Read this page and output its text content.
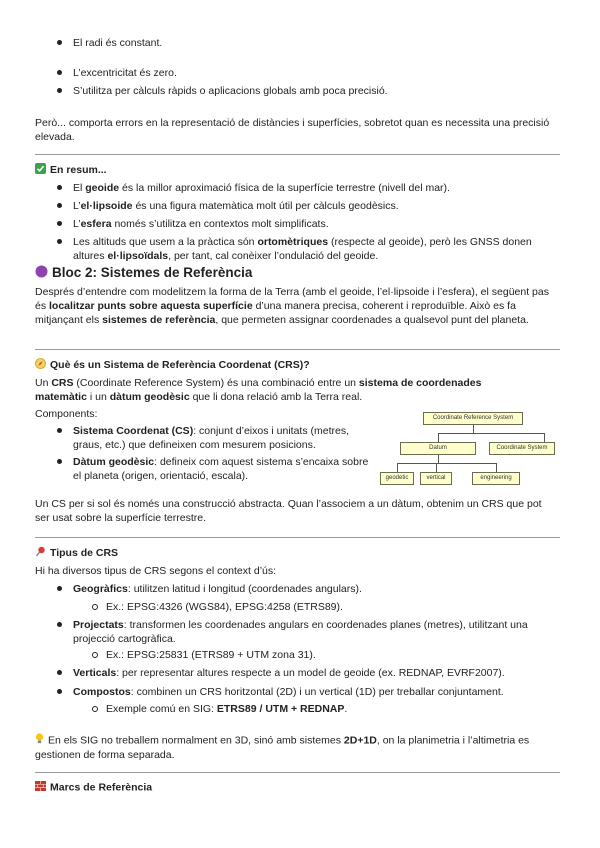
El radi és constant.
L’excentricitat és zero.
S’utilitza per càlculs ràpids o aplicacions globals amb poca precisió.

Però... comporta errors en la representació de distàncies i superfícies, sobretot quan es necessita una precisió elevada.

En resum...
El geoide és la millor aproximació física de la superfície terrestre (nivell del mar).
L’el·lipsoide és una figura matemàtica molt útil per càlculs geodèsics.
L’esfera només s’utilitza en contextos molt simplificats.
Les altituds que usem a la pràctica són ortomètriques (respecte al geoide), però les GNSS donen altures el·lipsoïdals, per tant, cal conèixer l’ondulació del geoide.
Bloc 2: Sistemes de Referència

Després d’entendre com modelitzem la forma de la Terra (amb el geoide, l’el·lipsoide i l’esfera), el següent pas és localitzar punts sobre aquesta superfície d’una manera precisa, coherent i reproduïble. Això es fa mitjançant els sistemes de referència, que permeten assignar coordenades a qualsevol punt del planeta.

Què és un Sistema de Referència Coordenat (CRS)?

Un CRS (Coordinate Reference System) és una combinació entre un sistema de coordenades matemàtic i un dàtum geodèsic que li dona relació amb la Terra real.

Components:

Sistema Coordenat (CS): conjunt d’eixos i unitats (metres, graus, etc.) que defineixen com mesurem posicions.
Dàtum geodèsic: defineix com aquest sistema s’encaixa sobre el planeta (origen, orientació, escala).
Coordinate Reference System
Datum	Coordinate System
geodetic	vertical	engineering

Un CS per si sol és només una construcció abstracta. Quan l’associem a un dàtum, obtenim un CRS que pot ser usat sobre la superfície terrestre.

Tipus de CRS

Hi ha diversos tipus de CRS segons el context d’ús:

Geogràfics: utilitzen latitud i longitud (coordenades angulars).
Ex.: EPSG:4326 (WGS84), EPSG:4258 (ETRS89).
Projectats: transformen les coordenades angulars en coordenades planes (metres), utilitzant una projecció cartogràfica.
Ex.: EPSG:25831 (ETRS89 + UTM zona 31).
Verticals: per representar altures respecte a un model de geoide (ex. REDNAP, EVRF2007).
Compostos: combinen un CRS horitzontal (2D) i un vertical (1D) per treballar conjuntament.
Exemple comú en SIG: ETRS89 / UTM + REDNAP.

En els SIG no treballem normalment en 3D, sinó amb sistemes 2D+1D, on la planimetria i l’altimetria es gestionen de forma separada.

Marcs de Referència
